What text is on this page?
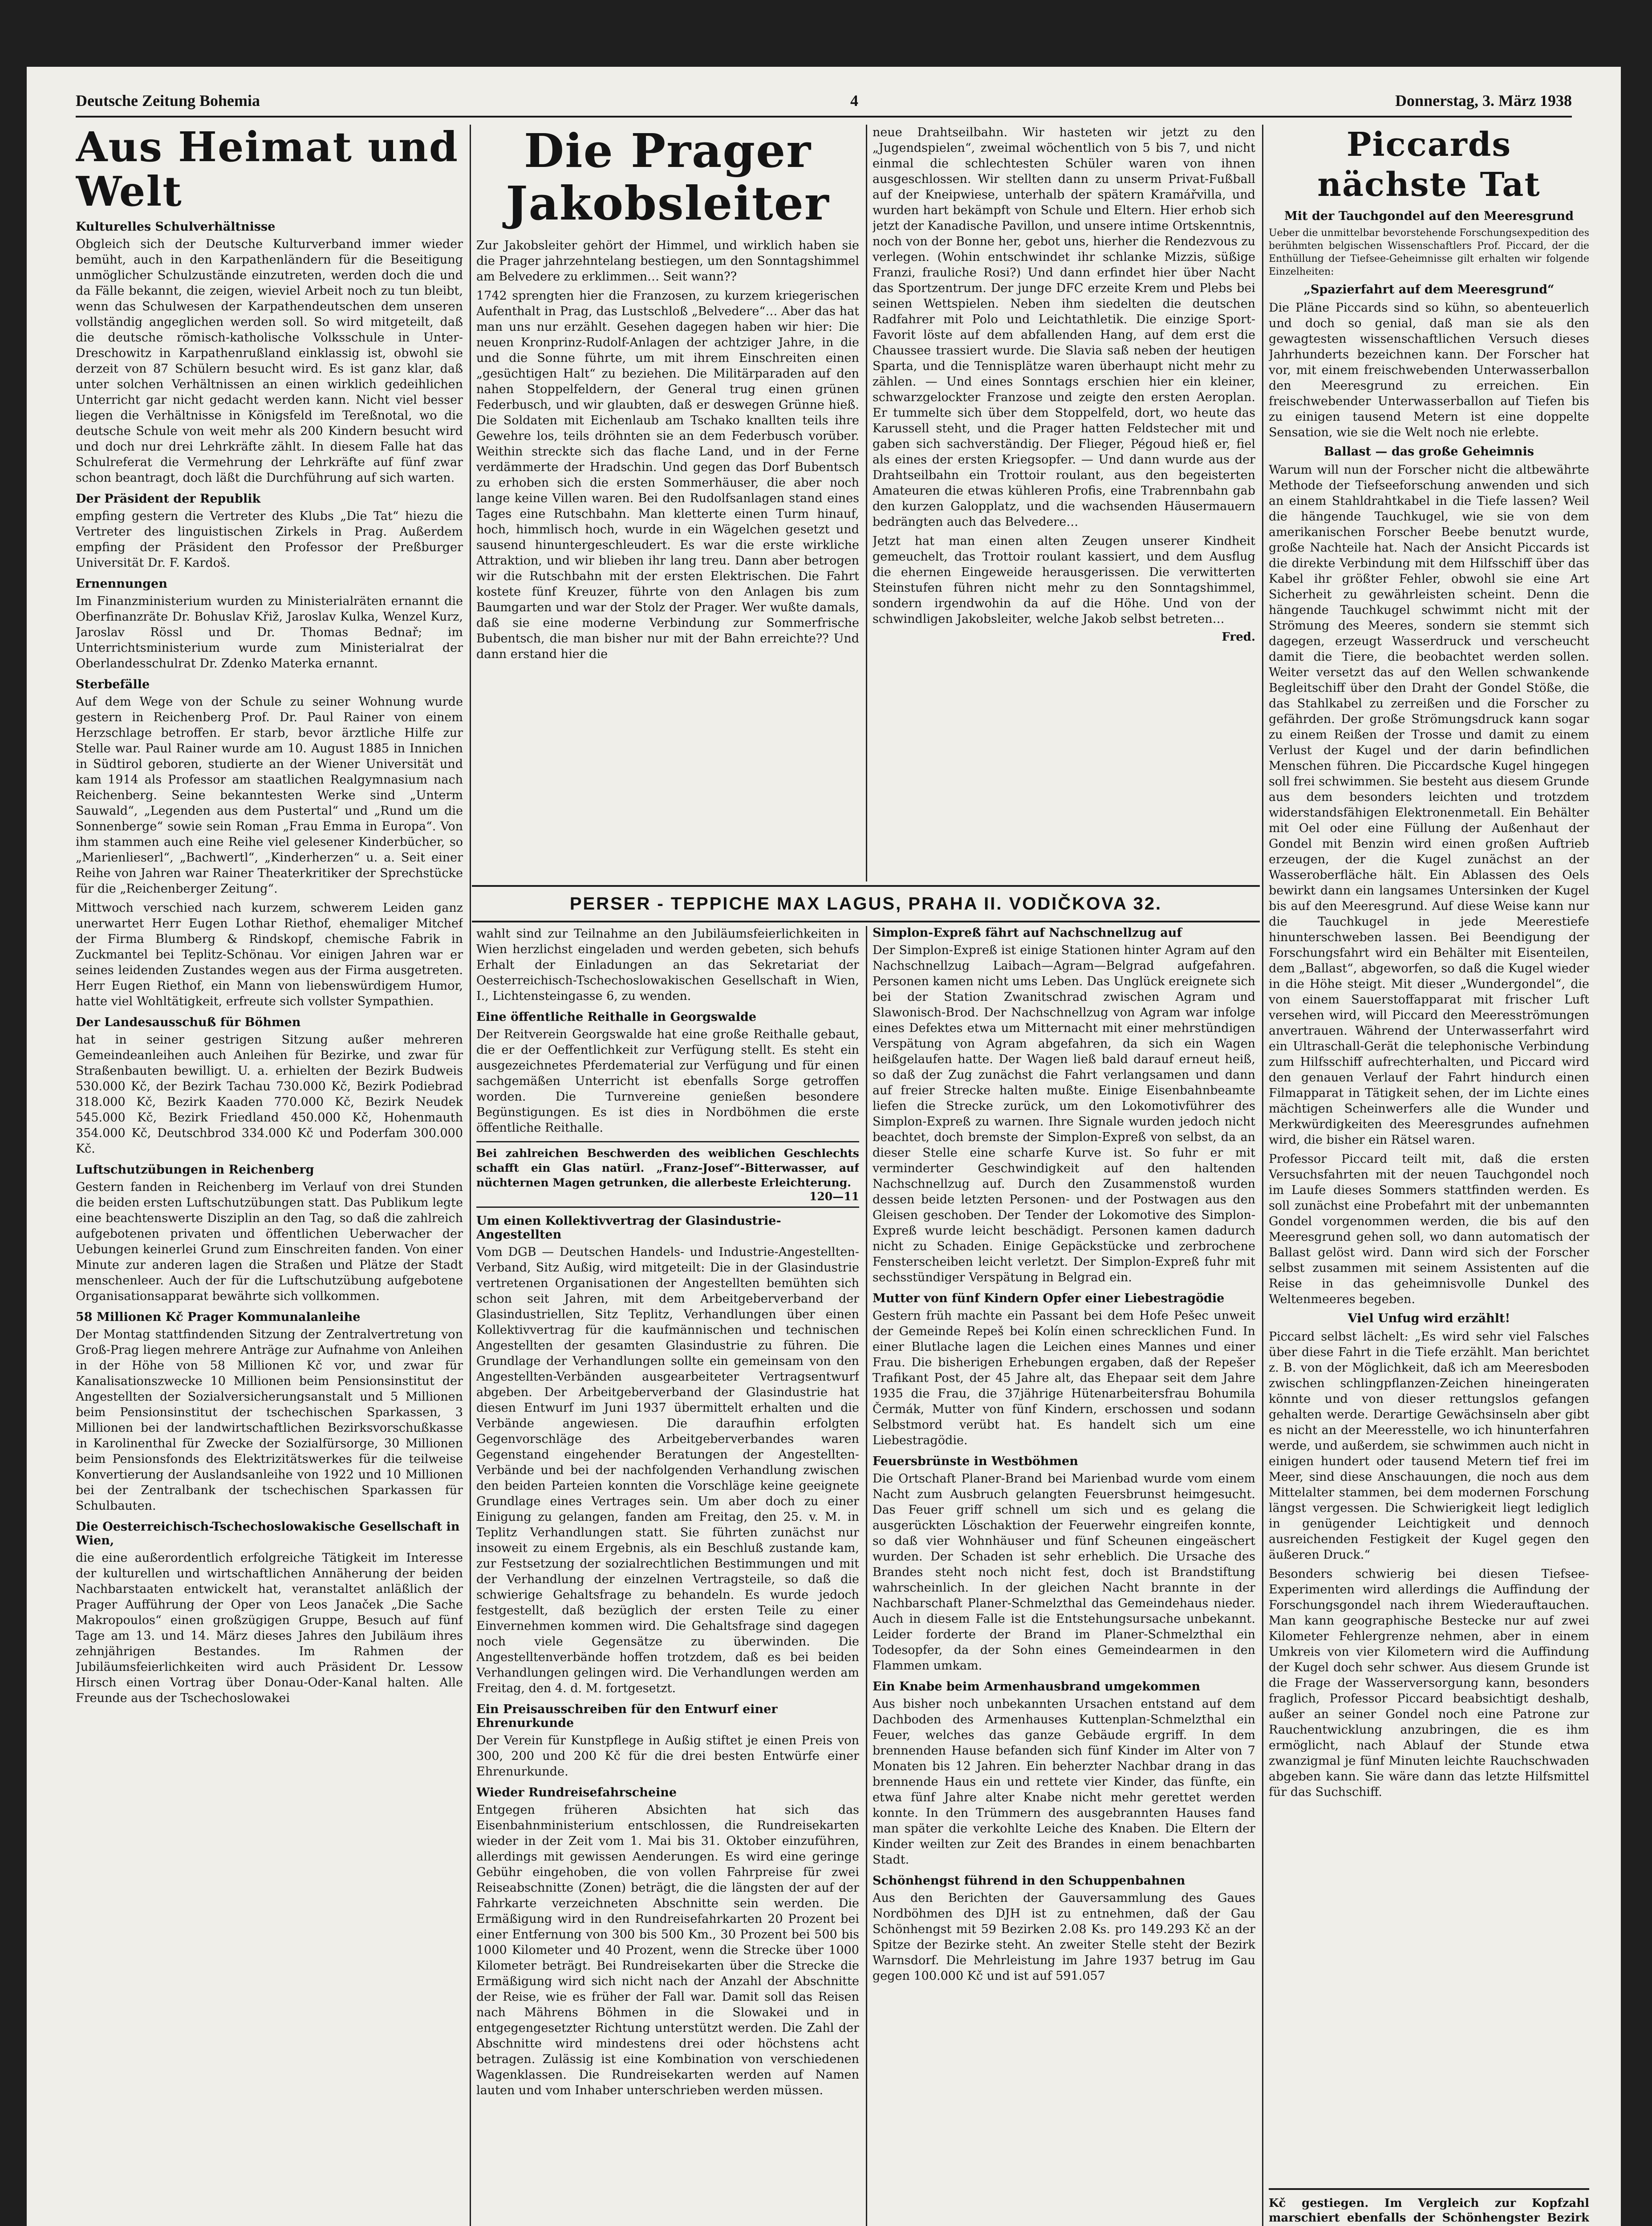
Deutsche Zeitung Bohemia	4	Donnerstag, 3. März 1938
Aus Heimat und Welt
Kulturelles Schulverhältnisse

Obgleich sich der Deutsche Kulturverband immer wieder bemüht, auch in den Karpathenländern für die Beseitigung unmöglicher Schulzustände einzutreten, werden doch die und da Fälle bekannt, die zeigen, wieviel Arbeit noch zu tun bleibt, wenn das Schulwesen der Karpathendeutschen dem unseren vollständig angeglichen werden soll. So wird mitgeteilt, daß die deutsche römisch-katholische Volksschule in Unter-Dreschowitz in Karpathenrußland einklassig ist, obwohl sie derzeit von 87 Schülern besucht wird. Es ist ganz klar, daß unter solchen Verhältnissen an einen wirklich gedeihlichen Unterricht gar nicht gedacht werden kann. Nicht viel besser liegen die Verhältnisse in Königsfeld im Tereßnotal, wo die deutsche Schule von weit mehr als 200 Kindern besucht wird und doch nur drei Lehrkräfte zählt. In diesem Falle hat das Schulreferat die Vermehrung der Lehrkräfte auf fünf zwar schon beantragt, doch läßt die Durchführung auf sich warten.

Der Präsident der Republik

empfing gestern die Vertreter des Klubs „Die Tat“ hiezu die Vertreter des linguistischen Zirkels in Prag. Außerdem empfing der Präsident den Professor der Preßburger Universität Dr. F. Kardoš.

Ernennungen

Im Finanzministerium wurden zu Ministerialräten ernannt die Oberfinanzräte Dr. Bohuslav Křiž, Jaroslav Kulka, Wenzel Kurz, Jaroslav Rössl und Dr. Thomas Bednař; im Unterrichtsministerium wurde zum Ministerialrat der Oberlandesschulrat Dr. Zdenko Materka ernannt.

Sterbefälle

Auf dem Wege von der Schule zu seiner Wohnung wurde gestern in Reichenberg Prof. Dr. Paul Rainer von einem Herzschlage betroffen. Er starb, bevor ärztliche Hilfe zur Stelle war. Paul Rainer wurde am 10. August 1885 in Innichen in Südtirol geboren, studierte an der Wiener Universität und kam 1914 als Professor am staatlichen Realgymnasium nach Reichenberg. Seine bekanntesten Werke sind „Unterm Sauwald“, „Legenden aus dem Pustertal“ und „Rund um die Sonnenberge“ sowie sein Roman „Frau Emma in Europa“. Von ihm stammen auch eine Reihe viel gelesener Kinderbücher, so „Marienlieserl“, „Bachwertl“, „Kinderherzen“ u. a. Seit einer Reihe von Jahren war Rainer Theaterkritiker der Sprechstücke für die „Reichenberger Zeitung“.

Mittwoch verschied nach kurzem, schwerem Leiden ganz unerwartet Herr Eugen Lothar Riethof, ehemaliger Mitchef der Firma Blumberg & Rindskopf, chemische Fabrik in Zuckmantel bei Teplitz-Schönau. Vor einigen Jahren war er seines leidenden Zustandes wegen aus der Firma ausgetreten. Herr Eugen Riethof, ein Mann von liebenswürdigem Humor, hatte viel Wohltätigkeit, erfreute sich vollster Sympathien.

Der Landesausschuß für Böhmen

hat in seiner gestrigen Sitzung außer mehreren Gemeindeanleihen auch Anleihen für Bezirke, und zwar für Straßenbauten bewilligt. U. a. erhielten der Bezirk Budweis 530.000 Kč, der Bezirk Tachau 730.000 Kč, Bezirk Podiebrad 318.000 Kč, Bezirk Kaaden 770.000 Kč, Bezirk Neudek 545.000 Kč, Bezirk Friedland 450.000 Kč, Hohenmauth 354.000 Kč, Deutschbrod 334.000 Kč und Poderfam 300.000 Kč.

Luftschutzübungen in Reichenberg

Gestern fanden in Reichenberg im Verlauf von drei Stunden die beiden ersten Luftschutzübungen statt. Das Publikum legte eine beachtenswerte Disziplin an den Tag, so daß die zahlreich aufgebotenen privaten und öffentlichen Ueberwacher der Uebungen keinerlei Grund zum Einschreiten fanden. Von einer Minute zur anderen lagen die Straßen und Plätze der Stadt menschenleer. Auch der für die Luftschutzübung aufgebotene Organisationsapparat bewährte sich vollkommen.

58 Millionen Kč Prager Kommunalanleihe

Der Montag stattfindenden Sitzung der Zentralvertretung von Groß-Prag liegen mehrere Anträge zur Aufnahme von Anleihen in der Höhe von 58 Millionen Kč vor, und zwar für Kanalisationszwecke 10 Millionen beim Pensionsinstitut der Angestellten der Sozialversicherungsanstalt und 5 Millionen beim Pensionsinstitut der tschechischen Sparkassen, 3 Millionen bei der landwirtschaftlichen Bezirksvorschußkasse in Karolinenthal für Zwecke der Sozialfürsorge, 30 Millionen beim Pensionsfonds des Elektrizitätswerkes für die teilweise Konvertierung der Auslandsanleihe von 1922 und 10 Millionen bei der Zentralbank der tschechischen Sparkassen für Schulbauten.

Die Oesterreichisch-Tschechoslowakische Gesellschaft in Wien,

die eine außerordentlich erfolgreiche Tätigkeit im Interesse der kulturellen und wirtschaftlichen Annäherung der beiden Nachbarstaaten entwickelt hat, veranstaltet anläßlich der Prager Aufführung der Oper von Leos Janaček „Die Sache Makropoulos“ einen großzügigen Gruppe, Besuch auf fünf Tage am 13. und 14. März dieses Jahres den Jubiläum ihres zehnjährigen Bestandes. Im Rahmen der Jubiläumsfeierlichkeiten wird auch Präsident Dr. Lessow Hirsch einen Vortrag über Donau-Oder-Kanal halten. Alle Freunde aus der Tschechoslowakei

Die Prager
Jakobsleiter

Zur Jakobsleiter gehört der Himmel, und wirklich haben sie die Prager jahrzehntelang bestiegen, um den Sonntagshimmel am Belvedere zu erklimmen… Seit wann??

1742 sprengten hier die Franzosen, zu kurzem kriegerischen Aufenthalt in Prag, das Lustschloß „Belvedere“… Aber das hat man uns nur erzählt. Gesehen dagegen haben wir hier: Die neuen Kronprinz-Rudolf-Anlagen der achtziger Jahre, in die und die Sonne führte, um mit ihrem Einschreiten einen „gesüchtigen Halt“ zu beziehen. Die Militärparaden auf den nahen Stoppelfeldern, der General trug einen grünen Federbusch, und wir glaubten, daß er deswegen Grünne hieß. Die Soldaten mit Eichenlaub am Tschako knallten teils ihre Gewehre los, teils dröhnten sie an dem Federbusch vorüber. Weithin streckte sich das flache Land, und in der Ferne verdämmerte der Hradschin. Und gegen das Dorf Bubentsch zu erhoben sich die ersten Sommerhäuser, die aber noch lange keine Villen waren. Bei den Rudolfsanlagen stand eines Tages eine Rutschbahn. Man kletterte einen Turm hinauf, hoch, himmlisch hoch, wurde in ein Wägelchen gesetzt und sausend hinuntergeschleudert. Es war die erste wirkliche Attraktion, und wir blieben ihr lang treu. Dann aber betrogen wir die Rutschbahn mit der ersten Elektrischen. Die Fahrt kostete fünf Kreuzer, führte von den Anlagen bis zum Baumgarten und war der Stolz der Prager. Wer wußte damals, daß sie eine moderne Verbindung zur Sommerfrische Bubentsch, die man bisher nur mit der Bahn erreichte?? Und dann erstand hier die

neue Drahtseilbahn. Wir hasteten wir jetzt zu den „Jugendspielen“, zweimal wöchentlich von 5 bis 7, und nicht einmal die schlechtesten Schüler waren von ihnen ausgeschlossen. Wir stellten dann zu unserm Privat-Fußball auf der Kneipwiese, unterhalb der spätern Kramářvilla, und wurden hart bekämpft von Schule und Eltern. Hier erhob sich jetzt der Kanadische Pavillon, und unsere intime Ortskenntnis, noch von der Bonne her, gebot uns, hierher die Rendezvous zu verlegen. (Wohin entschwindet ihr schlanke Mizzis, süßige Franzi, frauliche Rosi?) Und dann erfindet hier über Nacht das Sportzentrum. Der junge DFC erzeite Krem und Plebs bei seinen Wettspielen. Neben ihm siedelten die deutschen Radfahrer mit Polo und Leichtathletik. Die einzige Sport-Favorit löste auf dem abfallenden Hang, auf dem erst die Chaussee trassiert wurde. Die Slavia saß neben der heutigen Sparta, und die Tennisplätze waren überhaupt nicht mehr zu zählen. — Und eines Sonntags erschien hier ein kleiner, schwarzgelockter Franzose und zeigte den ersten Aeroplan. Er tummelte sich über dem Stoppelfeld, dort, wo heute das Karussell steht, und die Prager hatten Feldstecher mit und gaben sich sachverständig. Der Flieger, Pégoud hieß er, fiel als eines der ersten Kriegsopfer. — Und dann wurde aus der Drahtseilbahn ein Trottoir roulant, aus den begeisterten Amateuren die etwas kühleren Profis, eine Trabrennbahn gab den kurzen Galopplatz, und die wachsenden Häusermauern bedrängten auch das Belvedere…

Jetzt hat man einen alten Zeugen unserer Kindheit gemeuchelt, das Trottoir roulant kassiert, und dem Ausflug die ehernen Eingeweide herausgerissen. Die verwitterten Steinstufen führen nicht mehr zu den Sonntagshimmel, sondern irgendwohin da auf die Höhe. Und von der schwindligen Jakobsleiter, welche Jakob selbst betreten…

Fred.
Piccards nächste Tat
Mit der Tauchgondel auf den Meeresgrund

Ueber die unmittelbar bevorstehende Forschungsexpedition des berühmten belgischen Wissenschaftlers Prof. Piccard, der die Enthüllung der Tiefsee-Geheimnisse gilt erhalten wir folgende Einzelheiten:

„Spazierfahrt auf dem Meeresgrund“

Die Pläne Piccards sind so kühn, so abenteuerlich und doch so genial, daß man sie als den gewagtesten wissenschaftlichen Versuch dieses Jahrhunderts bezeichnen kann. Der Forscher hat vor, mit einem freischwebenden Unterwasserballon den Meeresgrund zu erreichen. Ein freischwebender Unterwasserballon auf Tiefen bis zu einigen tausend Metern ist eine doppelte Sensation, wie sie die Welt noch nie erlebte.

Ballast — das große Geheimnis

Warum will nun der Forscher nicht die altbewährte Methode der Tiefseeforschung anwenden und sich an einem Stahldrahtkabel in die Tiefe lassen? Weil die hängende Tauchkugel, wie sie von dem amerikanischen Forscher Beebe benutzt wurde, große Nachteile hat. Nach der Ansicht Piccards ist die direkte Verbindung mit dem Hilfsschiff über das Kabel ihr größter Fehler, obwohl sie eine Art Sicherheit zu gewährleisten scheint. Denn die hängende Tauchkugel schwimmt nicht mit der Strömung des Meeres, sondern sie stemmt sich dagegen, erzeugt Wasserdruck und verscheucht damit die Tiere, die beobachtet werden sollen. Weiter versetzt das auf den Wellen schwankende Begleitschiff über den Draht der Gondel Stöße, die das Stahlkabel zu zerreißen und die Forscher zu gefährden. Der große Strömungsdruck kann sogar zu einem Reißen der Trosse und damit zu einem Verlust der Kugel und der darin befindlichen Menschen führen. Die Piccardsche Kugel hingegen soll frei schwimmen. Sie besteht aus diesem Grunde aus dem besonders leichten und trotzdem widerstandsfähigen Elektronenmetall. Ein Behälter mit Oel oder eine Füllung der Außenhaut der Gondel mit Benzin wird einen großen Auftrieb erzeugen, der die Kugel zunächst an der Wasseroberfläche hält. Ein Ablassen des Oels bewirkt dann ein langsames Untersinken der Kugel bis auf den Meeresgrund. Auf diese Weise kann nur die Tauchkugel in jede Meerestiefe hinunterschweben lassen. Bei Beendigung der Forschungsfahrt wird ein Behälter mit Eisenteilen, dem „Ballast“, abgeworfen, so daß die Kugel wieder in die Höhe steigt. Mit dieser „Wundergondel“, die von einem Sauerstoffapparat mit frischer Luft versehen wird, will Piccard den Meeresströmungen anvertrauen. Während der Unterwasserfahrt wird ein Ultraschall-Gerät die telephonische Verbindung zum Hilfsschiff aufrechterhalten, und Piccard wird den genauen Verlauf der Fahrt hindurch einen Filmapparat in Tätigkeit sehen, der im Lichte eines mächtigen Scheinwerfers alle die Wunder und Merkwürdigkeiten des Meeresgrundes aufnehmen wird, die bisher ein Rätsel waren.

Professor Piccard teilt mit, daß die ersten Versuchsfahrten mit der neuen Tauchgondel noch im Laufe dieses Sommers stattfinden werden. Es soll zunächst eine Probefahrt mit der unbemannten Gondel vorgenommen werden, die bis auf den Meeresgrund gehen soll, wo dann automatisch der Ballast gelöst wird. Dann wird sich der Forscher selbst zusammen mit seinem Assistenten auf die Reise in das geheimnisvolle Dunkel des Weltenmeeres begeben.

Viel Unfug wird erzählt!

Piccard selbst lächelt: „Es wird sehr viel Falsches über diese Fahrt in die Tiefe erzählt. Man berichtet z. B. von der Möglichkeit, daß ich am Meeresboden zwischen schlingpflanzen-Zeichen hineingeraten könnte und von dieser rettungslos gefangen gehalten werde. Derartige Gewächsinseln aber gibt es nicht an der Meeresstelle, wo ich hinunterfahren werde, und außerdem, sie schwimmen auch nicht in einigen hundert oder tausend Metern tief frei im Meer, sind diese Anschauungen, die noch aus dem Mittelalter stammen, bei dem modernen Forschung längst vergessen. Die Schwierigkeit liegt lediglich in genügender Leichtigkeit und dennoch ausreichenden Festigkeit der Kugel gegen den äußeren Druck.“

Besonders schwierig bei diesen Tiefsee-Experimenten wird allerdings die Auffindung der Forschungsgondel nach ihrem Wiederauftauchen. Man kann geographische Bestecke nur auf zwei Kilometer Fehlergrenze nehmen, aber in einem Umkreis von vier Kilometern wird die Auffindung der Kugel doch sehr schwer. Aus diesem Grunde ist die Frage der Wasserversorgung kann, besonders fraglich, Professor Piccard beabsichtigt deshalb, außer an seiner Gondel noch eine Patrone zur Rauchentwicklung anzubringen, die es ihm ermöglicht, nach Ablauf der Stunde etwa zwanzigmal je fünf Minuten leichte Rauchschwaden abgeben kann. Sie wäre dann das letzte Hilfsmittel für das Suchschiff.

PERSER - TEPPICHE MAX LAGUS, PRAHA II. VODIČKOVA 32.

wahlt sind zur Teilnahme an den Jubiläumsfeierlichkeiten in Wien herzlichst eingeladen und werden gebeten, sich behufs Erhalt der Einladungen an das Sekretariat der Oesterreichisch-Tschechoslowakischen Gesellschaft in Wien, I., Lichtensteingasse 6, zu wenden.

Eine öffentliche Reithalle in Georgswalde

Der Reitverein Georgswalde hat eine große Reithalle gebaut, die er der Oeffentlichkeit zur Verfügung stellt. Es steht ein ausgezeichnetes Pferdematerial zur Verfügung und für einen sachgemäßen Unterricht ist ebenfalls Sorge getroffen worden. Die Turnvereine genießen besondere Begünstigungen. Es ist dies in Nordböhmen die erste öffentliche Reithalle.

Bei zahlreichen Beschwerden des weiblichen Geschlechts schafft ein Glas natürl. „Franz-Josef“-Bitterwasser, auf nüchternen Magen getrunken, die allerbeste Erleichterung.

120—11
Um einen Kollektivvertrag der Glasindustrie-Angestellten

Vom DGB — Deutschen Handels- und Industrie-Angestellten-Verband, Sitz Außig, wird mitgeteilt: Die in der Glasindustrie vertretenen Organisationen der Angestellten bemühten sich schon seit Jahren, mit dem Arbeitgeberverband der Glasindustriellen, Sitz Teplitz, Verhandlungen über einen Kollektivvertrag für die kaufmännischen und technischen Angestellten der gesamten Glasindustrie zu führen. Die Grundlage der Verhandlungen sollte ein gemeinsam von den Angestellten-Verbänden ausgearbeiteter Vertragsentwurf abgeben. Der Arbeitgeberverband der Glasindustrie hat diesen Entwurf im Juni 1937 übermittelt erhalten und die Verbände angewiesen. Die daraufhin erfolgten Gegenvorschläge des Arbeitgeberverbandes waren Gegenstand eingehender Beratungen der Angestellten-Verbände und bei der nachfolgenden Verhandlung zwischen den beiden Parteien konnten die Vorschläge keine geeignete Grundlage eines Vertrages sein. Um aber doch zu einer Einigung zu gelangen, fanden am Freitag, den 25. v. M. in Teplitz Verhandlungen statt. Sie führten zunächst nur insoweit zu einem Ergebnis, als ein Beschluß zustande kam, zur Festsetzung der sozialrechtlichen Bestimmungen und mit der Verhandlung der einzelnen Vertragsteile, so daß die schwierige Gehaltsfrage zu behandeln. Es wurde jedoch festgestellt, daß bezüglich der ersten Teile zu einer Einvernehmen kommen wird. Die Gehaltsfrage sind dagegen noch viele Gegensätze zu überwinden. Die Angestelltenverbände hoffen trotzdem, daß es bei beiden Verhandlungen gelingen wird. Die Verhandlungen werden am Freitag, den 4. d. M. fortgesetzt.

Ein Preisausschreiben für den Entwurf einer Ehrenurkunde

Der Verein für Kunstpflege in Außig stiftet je einen Preis von 300, 200 und 200 Kč für die drei besten Entwürfe einer Ehrenurkunde.

Wieder Rundreisefahrscheine

Entgegen früheren Absichten hat sich das Eisenbahnministerium entschlossen, die Rundreisekarten wieder in der Zeit vom 1. Mai bis 31. Oktober einzuführen, allerdings mit gewissen Aenderungen. Es wird eine geringe Gebühr eingehoben, die von vollen Fahrpreise für zwei Reiseabschnitte (Zonen) beträgt, die die längsten der auf der Fahrkarte verzeichneten Abschnitte sein werden. Die Ermäßigung wird in den Rundreisefahrkarten 20 Prozent bei einer Entfernung von 300 bis 500 Km., 30 Prozent bei 500 bis 1000 Kilometer und 40 Prozent, wenn die Strecke über 1000 Kilometer beträgt. Bei Rundreisekarten über die Strecke die Ermäßigung wird sich nicht nach der Anzahl der Abschnitte der Reise, wie es früher der Fall war. Damit soll das Reisen nach Mährens Böhmen in die Slowakei und in entgegengesetzter Richtung unterstützt werden. Die Zahl der Abschnitte wird mindestens drei oder höchstens acht betragen. Zulässig ist eine Kombination von verschiedenen Wagenklassen. Die Rundreisekarten werden auf Namen lauten und vom Inhaber unterschrieben werden müssen.

Simplon-Expreß fährt auf Nachschnellzug auf

Der Simplon-Expreß ist einige Stationen hinter Agram auf den Nachschnellzug Laibach—Agram—Belgrad aufgefahren. Personen kamen nicht ums Leben. Das Unglück ereignete sich bei der Station Zwanitschrad zwischen Agram und Slawonisch-Brod. Der Nachschnellzug von Agram war infolge eines Defektes etwa um Mitternacht mit einer mehrstündigen Verspätung von Agram abgefahren, da sich ein Wagen heißgelaufen hatte. Der Wagen ließ bald darauf erneut heiß, so daß der Zug zunächst die Fahrt verlangsamen und dann auf freier Strecke halten mußte. Einige Eisenbahnbeamte liefen die Strecke zurück, um den Lokomotivführer des Simplon-Expreß zu warnen. Ihre Signale wurden jedoch nicht beachtet, doch bremste der Simplon-Expreß von selbst, da an dieser Stelle eine scharfe Kurve ist. So fuhr er mit verminderter Geschwindigkeit auf den haltenden Nachschnellzug auf. Durch den Zusammenstoß wurden dessen beide letzten Personen- und der Postwagen aus den Gleisen geschoben. Der Tender der Lokomotive des Simplon-Expreß wurde leicht beschädigt. Personen kamen dadurch nicht zu Schaden. Einige Gepäckstücke und zerbrochene Fensterscheiben leicht verletzt. Der Simplon-Expreß fuhr mit sechsstündiger Verspätung in Belgrad ein.

Mutter von fünf Kindern Opfer einer Liebestragödie

Gestern früh machte ein Passant bei dem Hofe Pešec unweit der Gemeinde Repeš bei Kolín einen schrecklichen Fund. In einer Blutlache lagen die Leichen eines Mannes und einer Frau. Die bisherigen Erhebungen ergaben, daß der Repešer Trafikant Post, der 45 Jahre alt, das Ehepaar seit dem Jahre 1935 die Frau, die 37jährige Hütenarbeitersfrau Bohumila Čermák, Mutter von fünf Kindern, erschossen und sodann Selbstmord verübt hat. Es handelt sich um eine Liebestragödie.

Feuersbrünste in Westböhmen

Die Ortschaft Planer-Brand bei Marienbad wurde vom einem Nacht zum Ausbruch gelangten Feuersbrunst heimgesucht. Das Feuer griff schnell um sich und es gelang die ausgerückten Löschaktion der Feuerwehr eingreifen konnte, so daß vier Wohnhäuser und fünf Scheunen eingeäschert wurden. Der Schaden ist sehr erheblich. Die Ursache des Brandes steht noch nicht fest, doch ist Brandstiftung wahrscheinlich. In der gleichen Nacht brannte in der Nachbarschaft Planer-Schmelzthal das Gemeindehaus nieder. Auch in diesem Falle ist die Entstehungsursache unbekannt. Leider forderte der Brand im Planer-Schmelzthal ein Todesopfer, da der Sohn eines Gemeindearmen in den Flammen umkam.

Ein Knabe beim Armenhausbrand umgekommen

Aus bisher noch unbekannten Ursachen entstand auf dem Dachboden des Armenhauses Kuttenplan-Schmelzthal ein Feuer, welches das ganze Gebäude ergriff. In dem brennenden Hause befanden sich fünf Kinder im Alter von 7 Monaten bis 12 Jahren. Ein beherzter Nachbar drang in das brennende Haus ein und rettete vier Kinder, das fünfte, ein etwa fünf Jahre alter Knabe nicht mehr gerettet werden konnte. In den Trümmern des ausgebrannten Hauses fand man später die verkohlte Leiche des Knaben. Die Eltern der Kinder weilten zur Zeit des Brandes in einem benachbarten Stadt.

Schönhengst führend in den Schuppenbahnen

Aus den Berichten der Gauversammlung des Gaues Nordböhmen des DJH ist zu entnehmen, daß der Gau Schönhengst mit 59 Bezirken 2.08 Ks. pro 149.293 Kč an der Spitze der Bezirke steht. An zweiter Stelle steht der Bezirk Warnsdorf. Die Mehrleistung im Jahre 1937 betrug im Gau gegen 100.000 Kč und ist auf 591.057

Kč gestiegen. Im Vergleich zur Kopfzahl marschiert ebenfalls der Schönhengster Bezirk
